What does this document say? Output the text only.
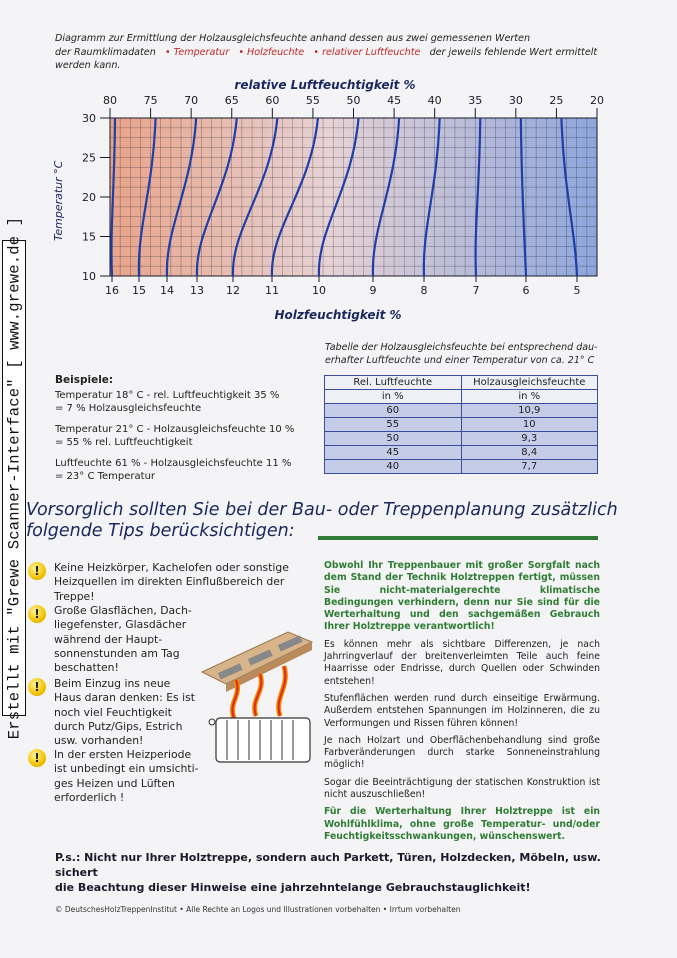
Erstellt mit "Grewe Scanner-Interface" [ www.grewe.de ]
Diagramm zur Ermittlung der Holzausgleichsfeuchte anhand dessen aus zwei gemessenen Werten
der Raumklimadaten • Temperatur • Holzfeuchte • relativer Luftfeuchte der jeweils fehlende Wert ermittelt
werden kann.
relative Luftfeuchtigkeit %
80 75 70 65 60 55 50 45 40 35 30 25 20
30
25
20
15
10
16 15 14 13 12 11	10	9	8	7	6	5
Temperatur °C
Holzfeuchtigkeit %
Tabelle der Holzausgleichsfeuchte bei entsprechend dau-
erhafter Luftfeuchte und einer Temperatur von ca. 21° C
Beispiele:
Temperatur 18° C - rel. Luftfeuchtigkeit 35 %
= 7 % Holzausgleichsfeuchte
Temperatur 21° C - Holzausgleichsfeuchte 10 %
= 55 % rel. Luftfeuchtigkeit
Luftfeuchte 61 % - Holzausgleichsfeuchte 11 %
= 23° C Temperatur
Rel. Luftfeuchte	Holzausgleichsfeuchte
in %	in %
60	10,9
55	10
50	9,3
45	8,4
40	7,7
Vorsorglich sollten Sie bei der Bau- oder Treppenplanung zusätzlich
folgende Tips berücksichtigen:
!	Keine Heizkörper, Kachelofen oder sonstige
Heizquellen im direkten Einflußbereich der
Treppe!
!	Große Glasflächen, Dach-
liegefenster, Glasdächer
während der Haupt-
sonnenstunden am Tag
beschatten!
!	Beim Einzug ins neue
Haus daran denken: Es ist
noch viel Feuchtigkeit
durch Putz/Gips, Estrich
usw. vorhanden!
!	In der ersten Heizperiode
ist unbedingt ein umsichti-
ges Heizen und Lüften
erforderlich !

Obwohl Ihr Treppenbauer mit großer Sorgfalt nach dem Stand der Technik Holztreppen fertigt, müssen Sie nicht-materialgerechte klimatische Bedingungen verhindern, denn nur Sie sind für die Werterhaltung und den sachgemäßen Gebrauch Ihrer Holztreppe verantwortlich!

Es können mehr als sichtbare Differenzen, je nach Jahrringverlauf der breitenverleimten Teile auch feine Haarrisse oder Endrisse, durch Quellen oder Schwinden entstehen!

Stufenflächen werden rund durch einseitige Erwärmung. Außerdem entstehen Spannungen im Holzinneren, die zu Verformungen und Rissen führen können!

Je nach Holzart und Oberflächenbehandlung sind große Farbveränderungen durch starke Sonneneinstrahlung möglich!

Sogar die Beeinträchtigung der statischen Konstruktion ist nicht auszuschließen!

Für die Werterhaltung Ihrer Holztreppe ist ein Wohlfühlklima, ohne große Temperatur- und/oder Feuchtigkeitsschwankungen, wünschenswert.

P.s.: Nicht nur Ihrer Holztreppe, sondern auch Parkett, Türen, Holzdecken, Möbeln, usw. sichert
die Beachtung dieser Hinweise eine jahrzehntelange Gebrauchstauglichkeit!
© DeutschesHolzTreppenInstitut • Alle Rechte an Logos und Illustrationen vorbehalten • Irrtum vorbehalten
